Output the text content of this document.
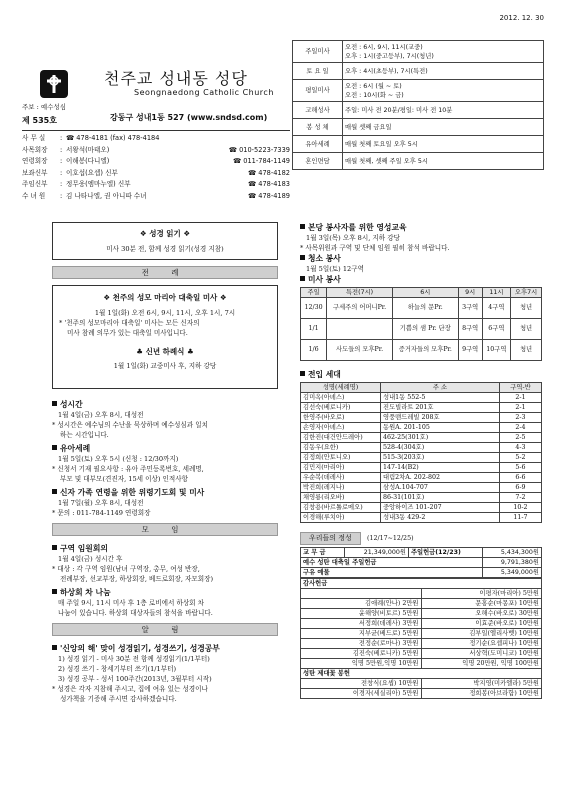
2012. 12. 30
천주교 성내동 성당
Seongnaedong Catholic Church
주보 : 예수성심
제 535호	강동구 성내1동 527 (www.sndsd.com)
사 무 실	: ☎ 478-4181 (fax) 478-4184
사목회장	: 서왕석(마태오)	☎ 010-5223-7339
연령회장	: 이해봉(다니엘)	☎ 011-784-1149
보좌신부	: 이호섭(요셉) 신부	☎ 478-4182
주임신부	: 정무웅(엠마누엘) 신부	☎ 478-4183
수 녀 원	: 김 나타나엘, 권 아니따 수녀	☎ 478-4189
주일미사	오전 : 6시, 9시, 11시(교중)
오후 : 1시(중고등부), 7시(청년)

토 요 일	오후 : 4시(초등부), 7시(특전)

평일미사	오전 : 6시 (월 ~ 토)
오전 : 10시(화 ~ 금)

고해성사	주일: 미사 전 20분/평일: 미사 전 10분

봉 성 체	매월 셋째 금요일

유아세례	매월 첫째 토요일 오후 5시

혼인면담	매월 첫째, 셋째 주일 오후 5시
❖ 성경 읽기 ❖
미사 30분 전, 함께 성경 읽기(성경 지참)
전 례
❖ 천주의 성모 마리아 대축일 미사 ❖
1월 1일(화) 오전 6시, 9시, 11시, 오후 1시, 7시
* '천주의 성모마리아 대축일' 미사는 모든 신자의
미사 참례 의무가 있는 대축일 미사입니다.
♣ 신년 하례식 ♣
1월 1일(화) 교중미사 후, 지하 강당
성시간
1월 4일(금) 오후 8시, 대성전
* 성시간은 예수님의 수난을 묵상하며 예수성심과 일치
하는 시간입니다.
유아세례
1월 5일(토) 오후 5시 (신청 : 12/30까지)
* 신청서 기재 필요사항 : 유아 주민등록번호, 세례명,
부모 및 대부모(견진자, 15세 이상) 인적사항
신자 가족 연령을 위한 위령기도회 및 미사
1월 7일(월) 오후 8시, 대성전
* 문의 : 011-784-1149 연령회장
모 임
구역 임원회의
1월 4일(금) 성시간 후
* 대상 : 각 구역 임원(남녀 구역장, 총무, 여성 반장,
전례부장, 선교부장, 하상회장, 베드로회장, 자모회장)
하상회 차 나눔
매 주일 9시, 11시 미사 후 1층 로비에서 하상회 차
나눔이 있습니다. 하상회 대상자들의 참석을 바랍니다.
알 림
'신앙의 해' 맞이 성경읽기, 성경쓰기, 성경공부
1) 성경 읽기 - 미사 30분 전 함께 성경읽기(1/1부터)
2) 성경 쓰기 - 창세기부터 쓰기(1/1부터)
3) 성경 공부 - 성서 100주간(2013년, 3월부터 시작)
* 성경은 각자 지참해 주시고, 집에 여유 있는 성경이나
성가책을 기증해 주시면 감사하겠습니다.
본당 봉사자를 위한 영성교육
1월 3일(목) 오후 8시, 지하 강당
* 사목위원과 구역 및 단체 임원 필히 참석 바랍니다.
청소 봉사
1월 5일(토) 12구역
미사 봉사
주일	특전(7시)	6시	9시	11시	오후7시
12/30	구세주의 어머니Pr.	하늘의 문Pr.	3구역	4구역	청년
1/1		기쁨의 샘 Pr. 단장	8구역	6구역	청년
1/6	사도들의 모후Pr.	증거자들의 모후Pr.	9구역	10구역	청년
전입 세대
성명(세례명)	주 소	구역-반
김미옥(아녜스)	성내1동 552-5	2-1
김선숙(베로니카)	진도빌라트 201호	2-1
한영주(바오로)	영풍맨드레빌 208호	2-3
손영자(아녜스)	동원A. 201-105	2-4
김한진(대건안드레아)	462-25(301호)	2-5
김동우(요한)	528-4(304호)	4-3
김정희(안토니오)	515-3(203호)	5-2
김민지(마리아)	147-14(B2)	5-6
우순복(데레사)	대림2차A. 202-802	6-6
박진희(레지나)	삼성A.104-707	6-9
채영룡(리오바)	86-31(101호)	7-2
김창용(바르톨로메오)	중앙하이즈 101-207	10-2
이경해(루치아)	성내3동 429-2	11-7
우리들의 정성 (12/17~12/25)
교 무 금	21,349,000원	주일헌금(12/23)	5,434,300원
예수 성탄 대축일 주일헌금			9,791,380원
구유 예물			5,349,000원
감사헌금	
	이평자(마리아) 5만원
김애례(안나) 2만원	문홍순(마몽포) 10만원
윤해양(비토르) 5만원	오해수(바오로) 30만원
서정희(데레사) 3만원	이효준(바오로) 10만원
지부균(베드로) 5만원	김부일(엘리사벳) 10만원
전정순(로마나) 3만원	정기순(요셉피나) 10만원
김진숙(베로니카) 5만원	서상혁(도미니코) 10만원
익명 5만원,익명 10만원	익명 20만원, 익명 100만원
성탄 제대꽃 봉헌	
전창식(요셉) 10만원	박지영(미카엘라) 5만원
이경자(세실리아) 5만원	정희봉(아브라함) 10만원
